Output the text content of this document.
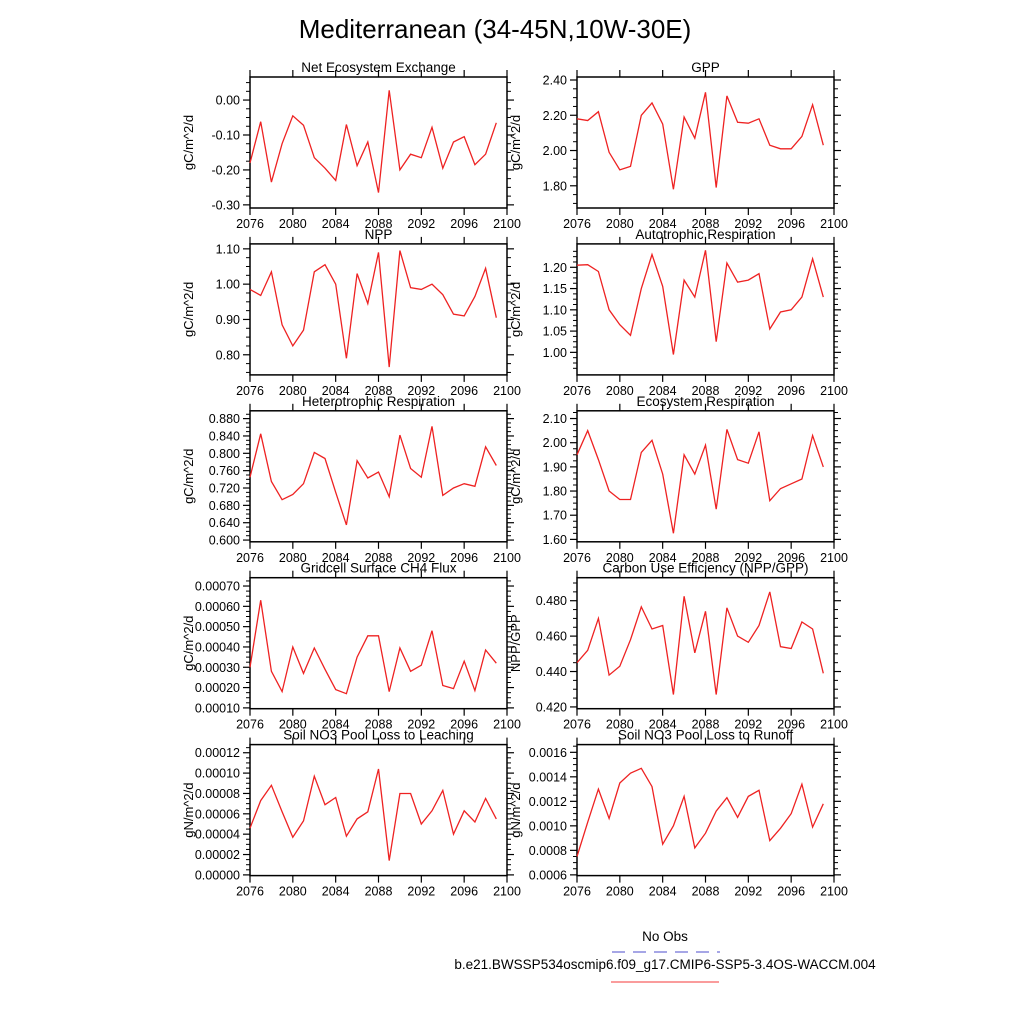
Mediterranean (34-45N,10W-30E)
2076 2080 2084 2088 2092 2096 2100
-0.30
-0.20
-0.10
0.00
Net Ecosystem Exchange
gC/m^2/d
2076 2080 2084 2088 2092 2096 2100
1.80
2.00
2.20
2.40
GPP
gC/m^2/d
2076 2080 2084 2088 2092 2096 2100
0.80
0.90
1.00
1.10
NPP
gC/m^2/d
2076 2080 2084 2088 2092 2096 2100
1.00
1.05
1.10
1.15
1.20
Autotrophic Respiration
gC/m^2/d
2076 2080 2084 2088 2092 2096 2100
0.600
0.640
0.680
0.720
0.760
0.800
0.840
0.880
Heterotrophic Respiration
gC/m^2/d
2076 2080 2084 2088 2092 2096 2100
1.60
1.70
1.80
1.90
2.00
2.10
Ecosystem Respiration
gC/m^2/d
2076 2080 2084 2088 2092 2096 2100
0.00010
0.00020
0.00030
0.00040
0.00050
0.00060
0.00070
Gridcell Surface CH4 Flux
gC/m^2/d
2076 2080 2084 2088 2092 2096 2100
0.420
0.440
0.460
0.480
Carbon Use Efficiency (NPP/GPP)
NPP/GPP
2076 2080 2084 2088 2092 2096 2100
0.00000
0.00002
0.00004
0.00006
0.00008
0.00010
0.00012
Soil NO3 Pool Loss to Leaching
gN/m^2/d
2076 2080 2084 2088 2092 2096 2100
0.0006
0.0008
0.0010
0.0012
0.0014
0.0016
Soil NO3 Pool Loss to Runoff
gN/m^2/d
No Obs
b.e21.BWSSP534oscmip6.f09_g17.CMIP6-SSP5-3.4OS-WACCM.004
